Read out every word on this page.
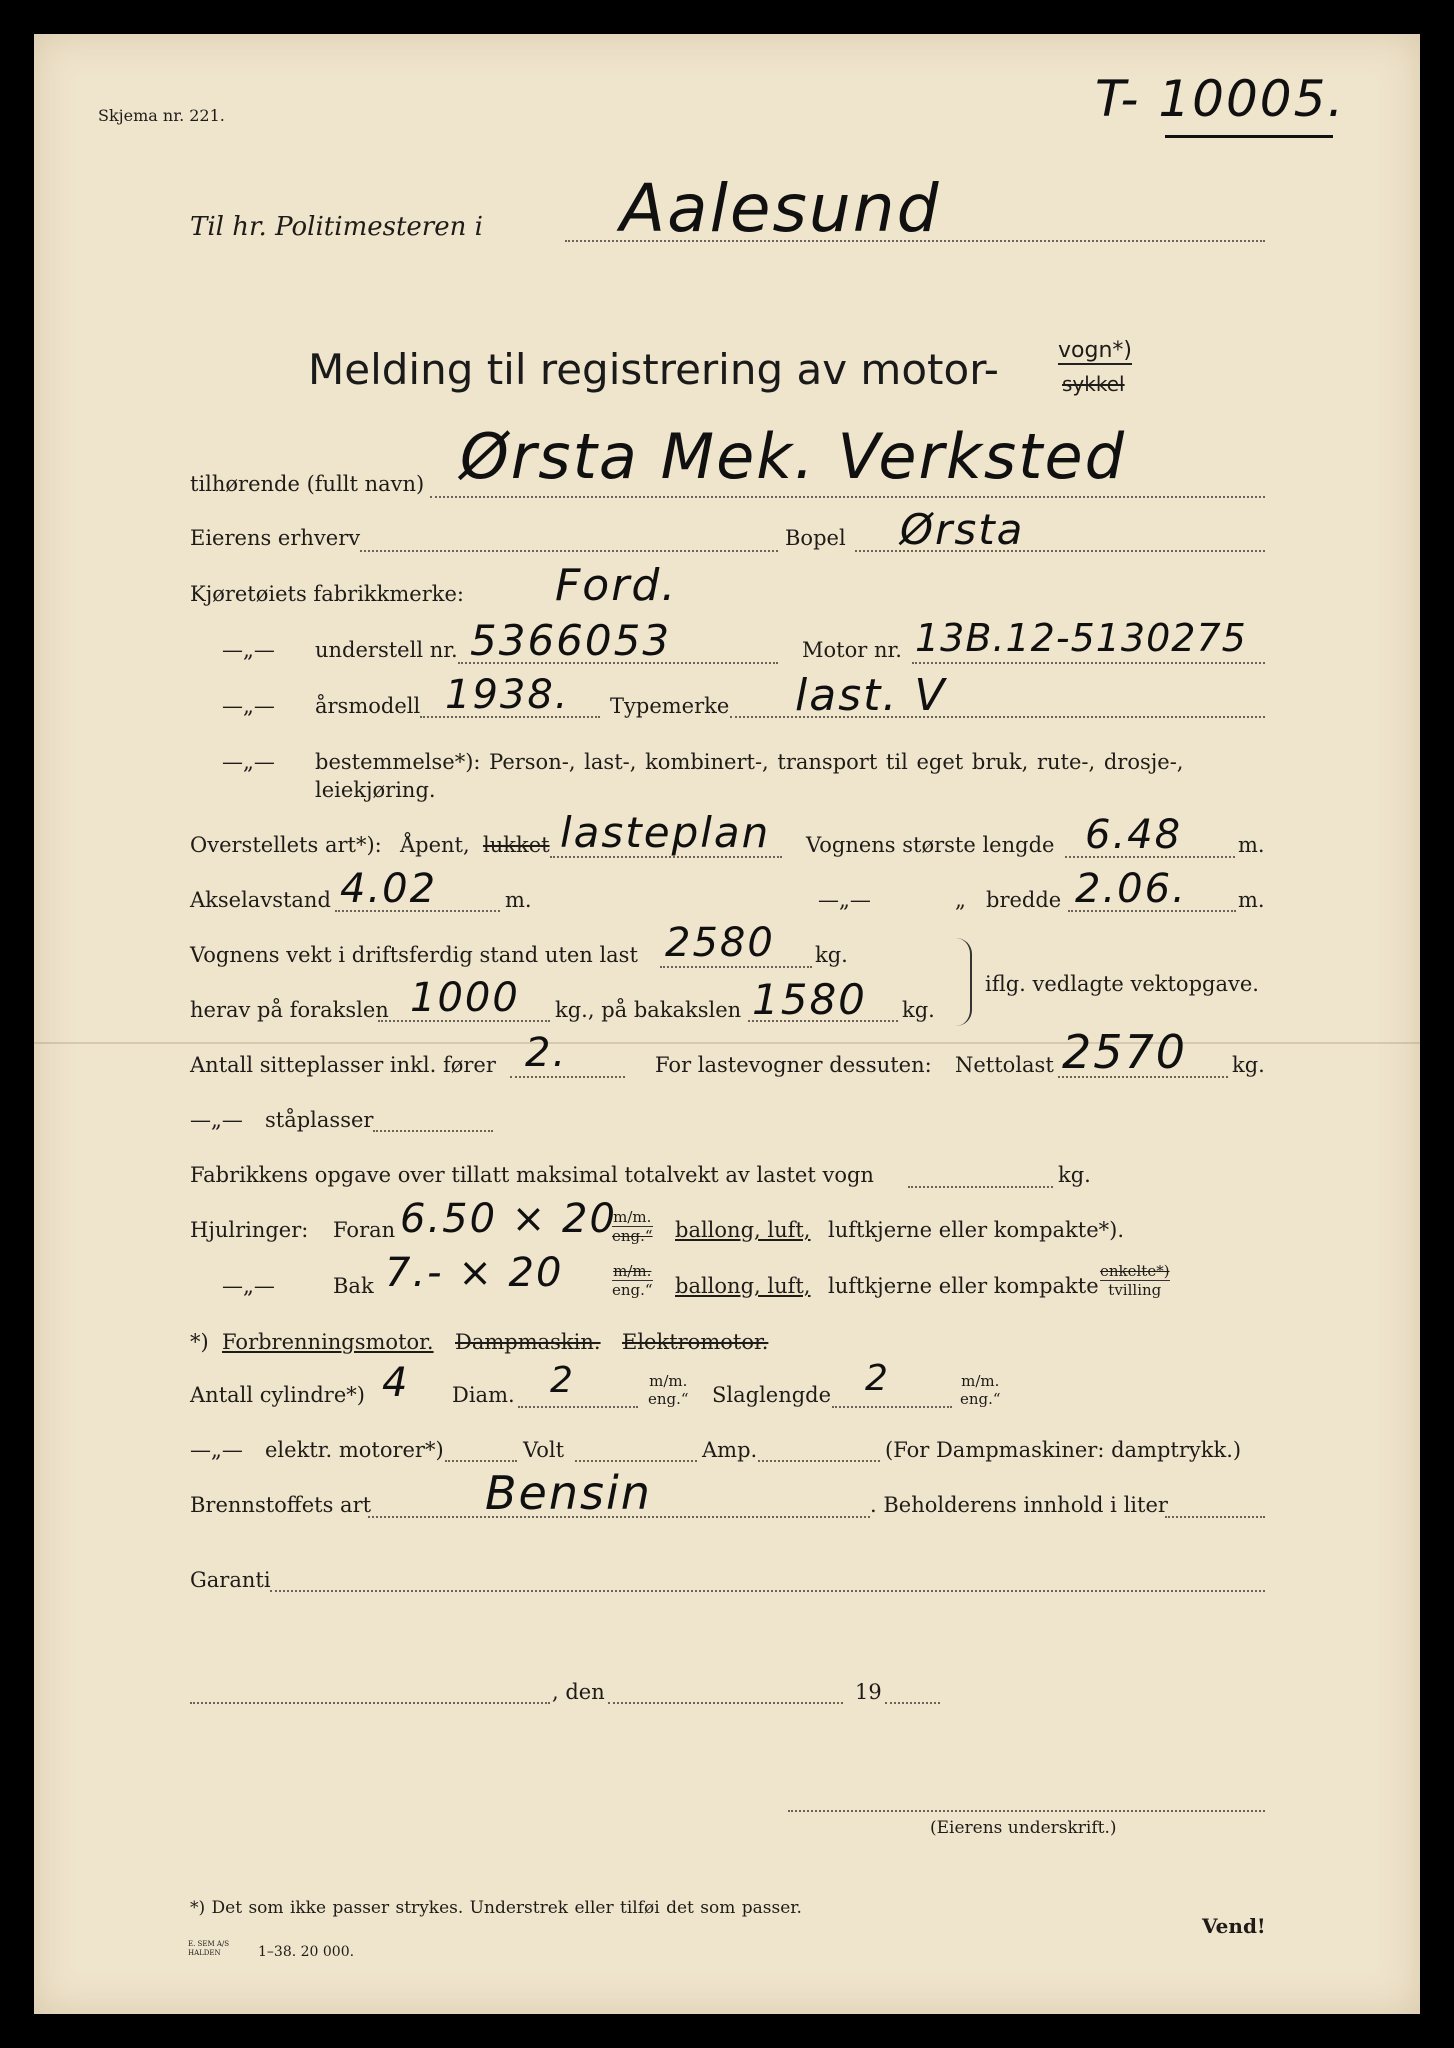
Skjema nr. 221.	T- 10005.
Til hr. Politimesteren i Aalesund
Melding til registrering av motor-	vogn*)
sykkel
tilhørende (fullt navn) Ørsta Mek. Verksted
Eierens erhverv	Bopel Ørsta
Kjøretøiets fabrikkmerke: Ford.
—„— understell nr. 5366053	Motor nr. 13B.12-5130275
—„— årsmodell 1938. Typemerke last. V
—„— bestemmelse*): Person-, last-, kombinert-, transport til eget bruk, rute-, drosje-,
leiekjøring.
Overstellets art*): Åpent, lukket lasteplan Vognens største lengde 6.48	m.
Akselavstand 4.02	m.	—„—	„ bredde 2.06. m.
Vognens vekt i driftsferdig stand uten last 2580 kg.
herav på forakslen 1000 kg., på bakakslen 1580 kg.
iflg. vedlagte vektopgave.
Antall sitteplasser inkl. fører 2.	For lastevogner dessuten: Nettolast 2570 kg.
—„— ståplasser
Fabrikkens opgave over tillatt maksimal totalvekt av lastet vogn	kg.
Hjulringer: Foran 6.50 × 20
m/m.
eng.“ ballong, luft, luftkjerne eller kompakte*).
—„—	Bak 7.- × 20	m/m.
eng.“ ballong, luft, luftkjerne eller kompakte
enkelte*)
tvilling
*) Forbrenningsmotor. Dampmaskin. Elektromotor.
Antall cylindre*) 4 Diam. 2	m/m.
eng.“ Slaglengde 2	m/m.
eng.“
—„— elektr. motorer*)	Volt	Amp.	(For Dampmaskiner: damptrykk.)
Brennstoffets art Bensin	. Beholderens innhold i liter
Garanti
, den	19
(Eierens underskrift.)
*) Det som ikke passer strykes. Understrek eller tilføi det som passer.
E. SEM A/S
HALDEN	1–38. 20 000.
Vend!
